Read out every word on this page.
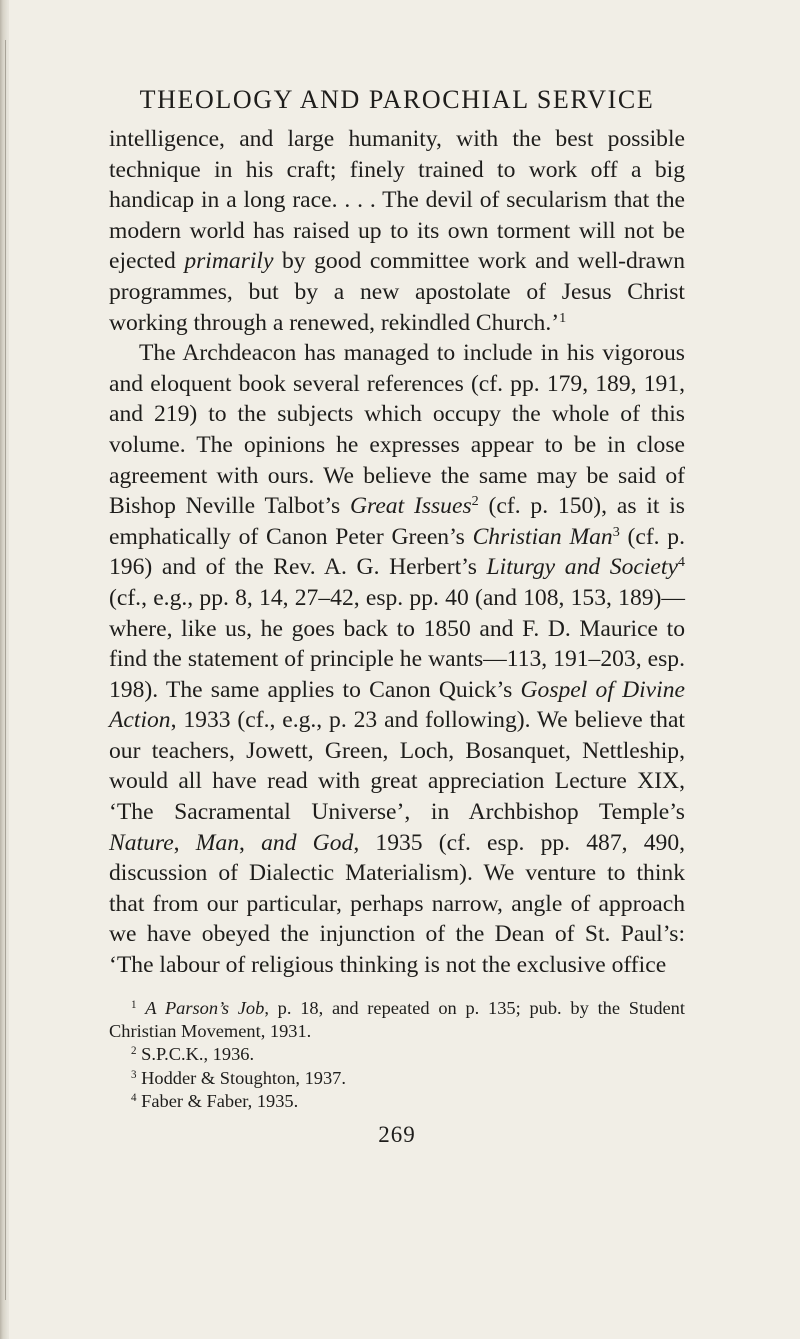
THEOLOGY AND PAROCHIAL SERVICE

intelligence, and large humanity, with the best possible technique in his craft; finely trained to work off a big handicap in a long race. . . . The devil of secularism that the modern world has raised up to its own torment will not be ejected primarily by good committee work and well-drawn programmes, but by a new apostolate of Jesus Christ working through a renewed, rekindled Church.’$^1$

The Archdeacon has managed to include in his vigorous and eloquent book several references (cf. pp. 179, 189, 191, and 219) to the subjects which occupy the whole of this volume. The opinions he expresses appear to be in close agreement with ours. We believe the same may be said of Bishop Neville Talbot’s Great Issues$^2$ (cf. p. 150), as it is emphatically of Canon Peter Green’s Christian Man$^3$ (cf. p. 196) and of the Rev. A. G. Herbert’s Liturgy and Society$^4$ (cf., e.g., pp. 8, 14, 27–42, esp. pp. 40 (and 108, 153, 189)—where, like us, he goes back to 1850 and F. D. Maurice to find the statement of principle he wants—113, 191–203, esp. 198). The same applies to Canon Quick’s Gospel of Divine Action, 1933 (cf., e.g., p. 23 and following). We believe that our teachers, Jowett, Green, Loch, Bosanquet, Nettleship, would all have read with great appreciation Lecture XIX, ‘The Sacramental Universe’, in Archbishop Temple’s Nature, Man, and God, 1935 (cf. esp. pp. 487, 490, discussion of Dialectic Materialism). We venture to think that from our particular, perhaps narrow, angle of approach we have obeyed the injunction of the Dean of St. Paul’s: ‘The labour of religious thinking is not the exclusive office

$^1$ A Parson’s Job, p. 18, and repeated on p. 135; pub. by the Student Christian Movement, 1931.
$^2$ S.P.C.K., 1936.
$^3$ Hodder & Stoughton, 1937.
$^4$ Faber & Faber, 1935.
269
